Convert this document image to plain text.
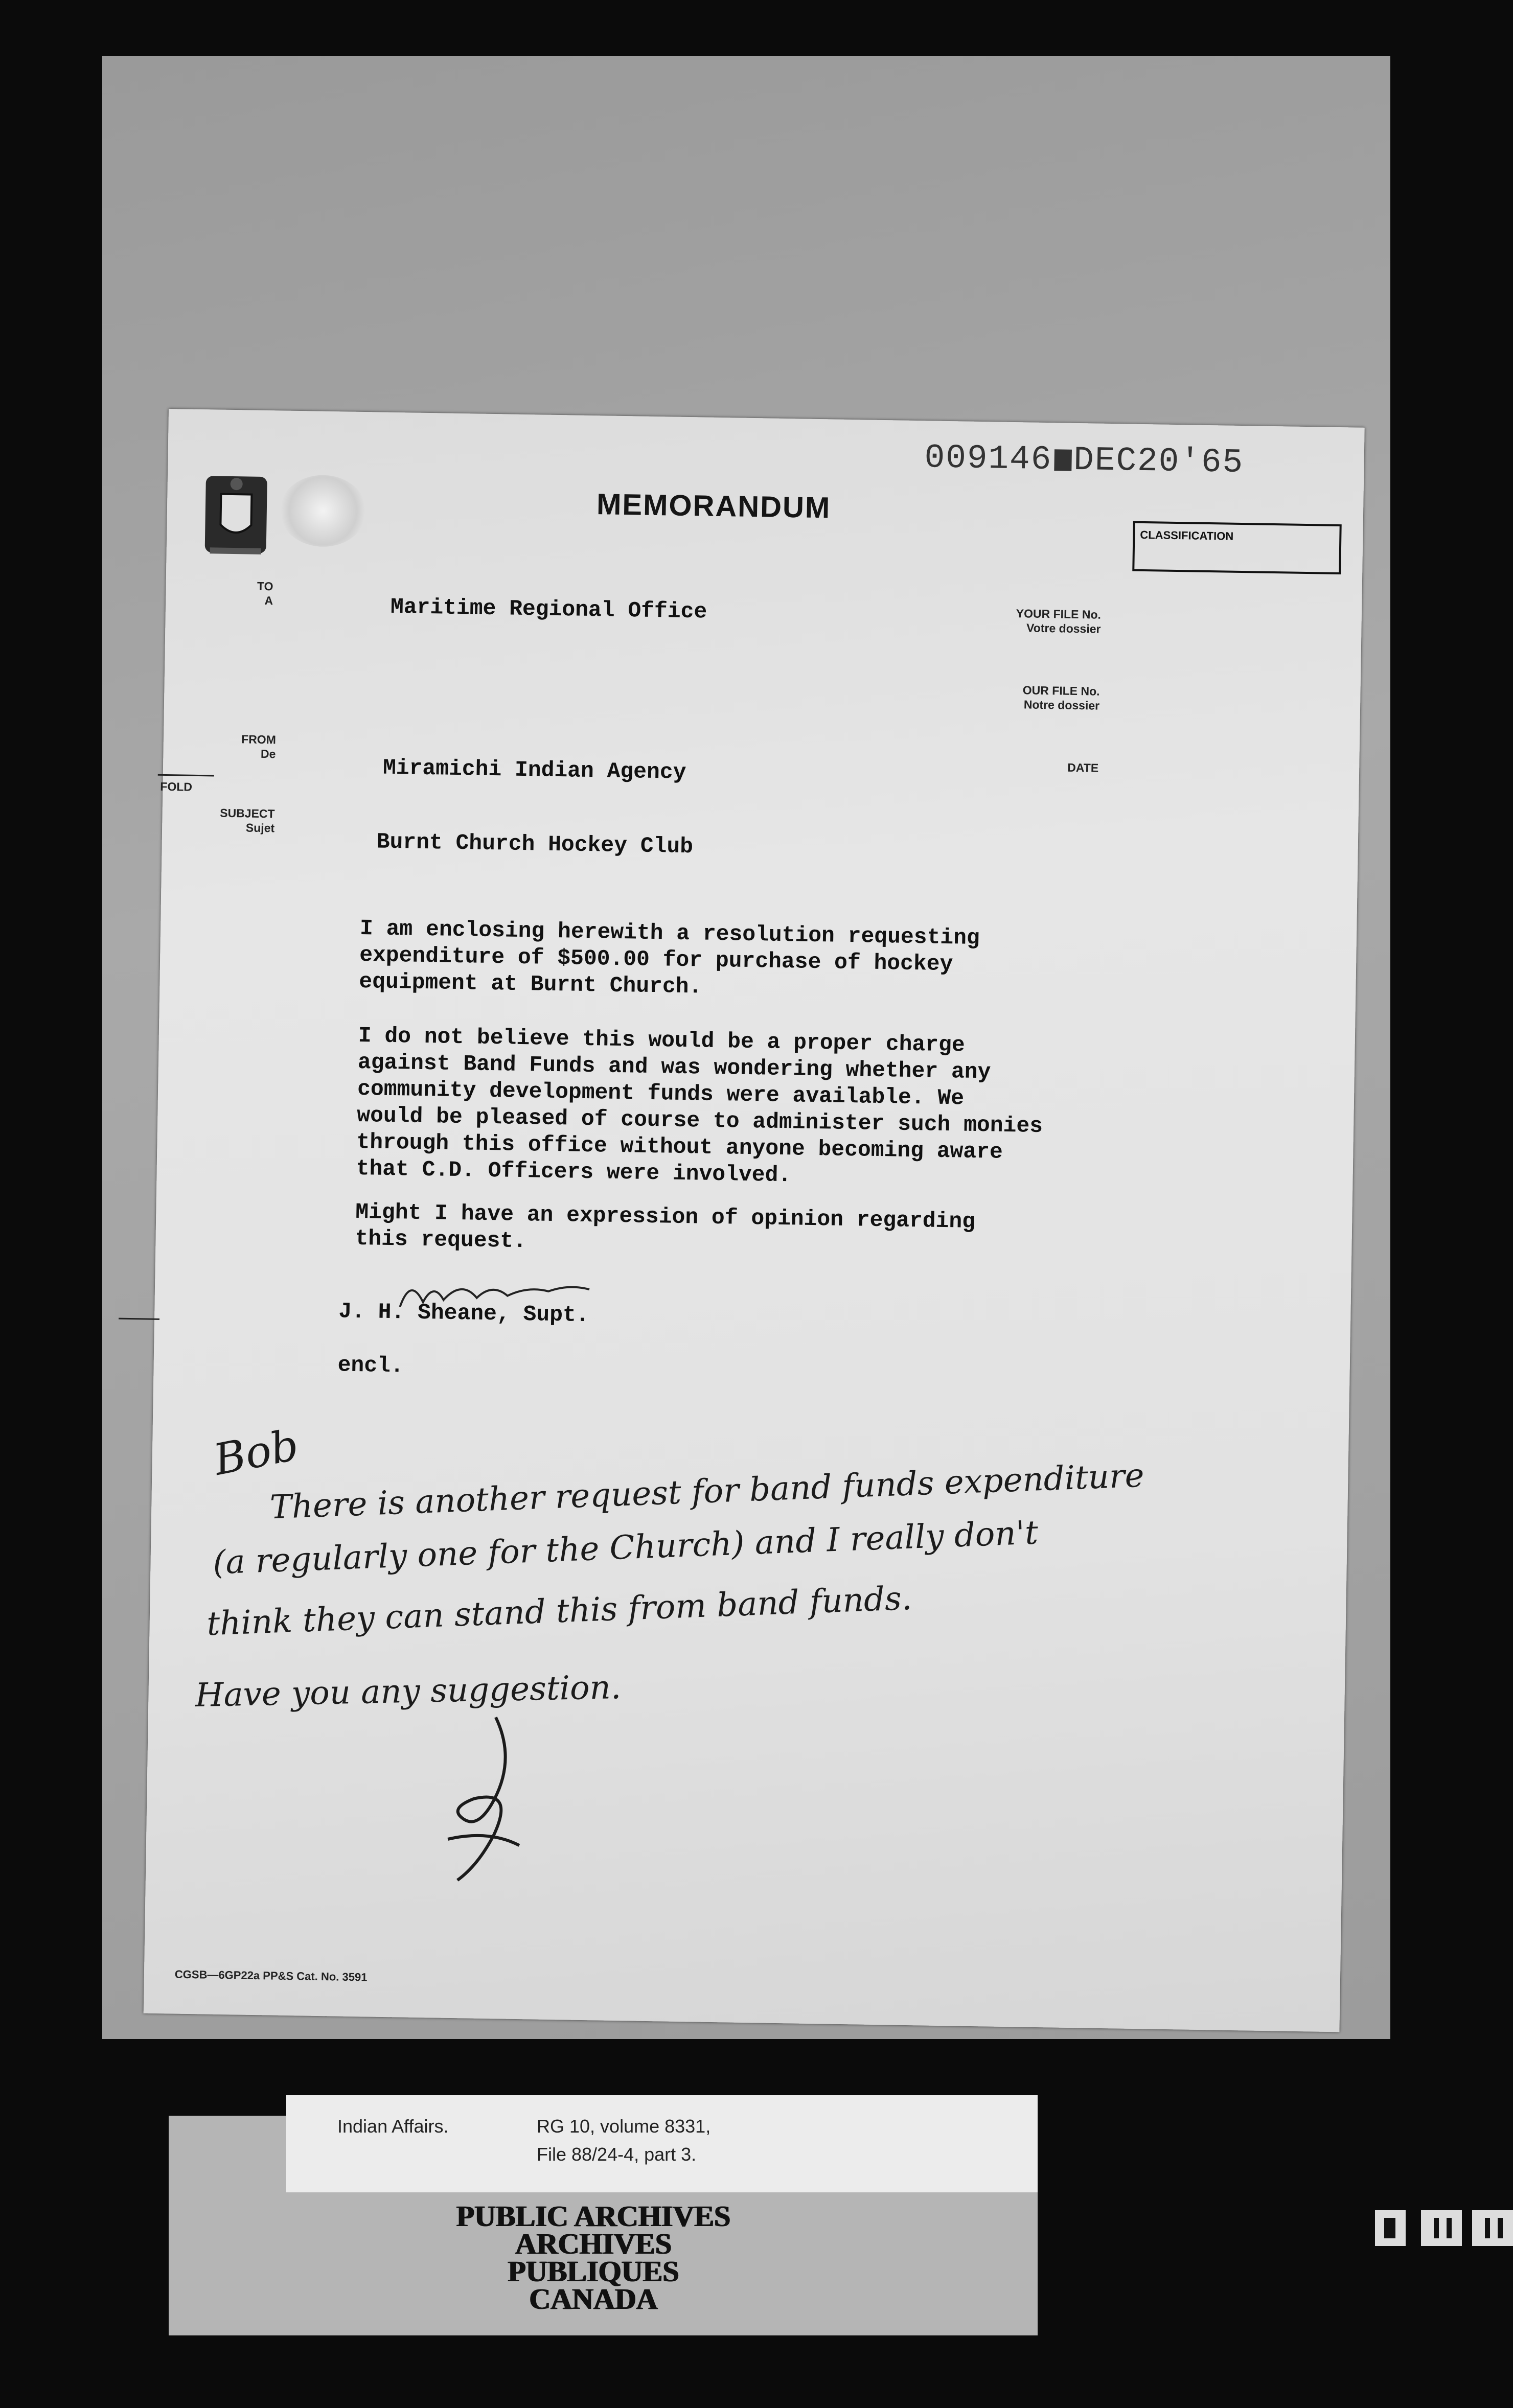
009146 DEC20'65
MEMORANDUM
CLASSIFICATION
TO
A
FROM
De
FOLD
SUBJECT
Sujet
YOUR FILE No.
Votre dossier
OUR FILE No.
Notre dossier
DATE
Maritime Regional Office
Miramichi Indian Agency
Burnt Church Hockey Club
I am enclosing herewith a resolution requesting
expenditure of $500.00 for purchase of hockey
equipment at Burnt Church.
I do not believe this would be a proper charge
against Band Funds and was wondering whether any
community development funds were available. We
would be pleased of course to administer such monies
through this office without anyone becoming aware
that C.D. Officers were involved.
Might I have an expression of opinion regarding
this request.
J. H. Sheane, Supt.
encl.
Bob
There is another request for band funds expenditure
(a regularly one for the Church) and I really don't
think they can stand this from band funds.
Have you any suggestion.
CGSB—6GP22a PP&S Cat. No. 3591
Indian Affairs.	RG 10, volume 8331,
File 88/24-4, part 3.
PUBLIC ARCHIVES
ARCHIVES PUBLIQUES
CANADA
